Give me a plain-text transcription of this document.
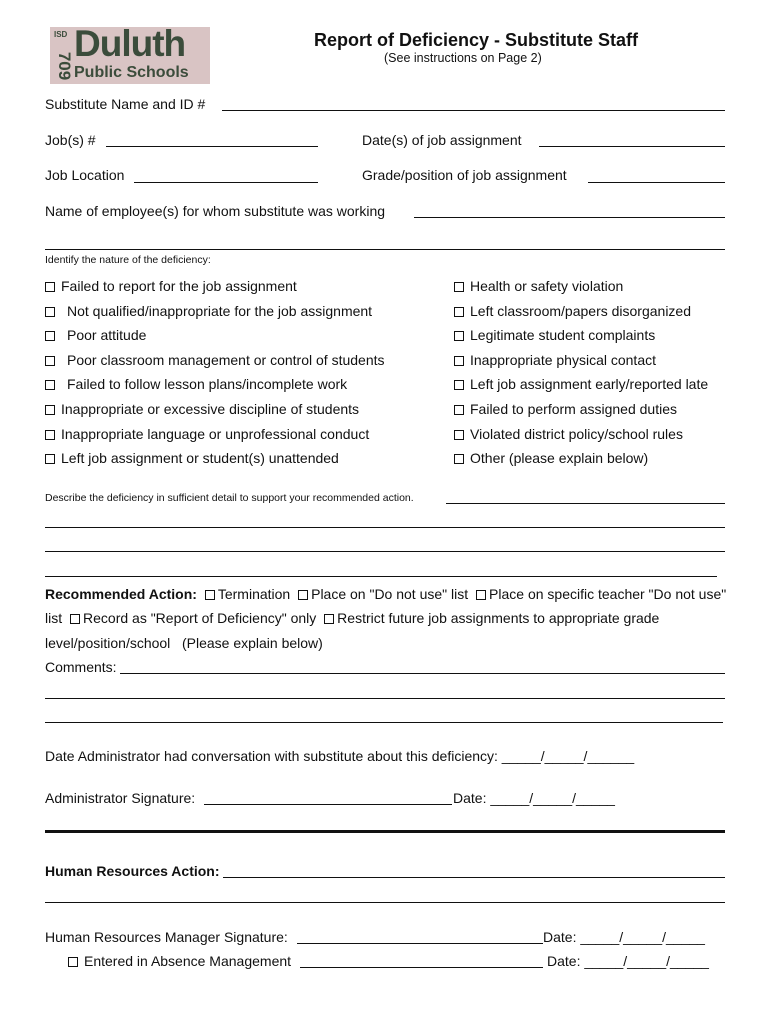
ISD
709
Duluth
Public Schools
Report of Deficiency - Substitute Staff
(See instructions on Page 2)
Substitute Name and ID #
Job(s) #	Date(s) of job assignment
Job Location	Grade/position of job assignment
Name of employee(s) for whom substitute was working
Identify the nature of the deficiency:
Failed to report for the job assignment
Not qualified/inappropriate for the job assignment
Poor attitude
Poor classroom management or control of students
Failed to follow lesson plans/incomplete work
Inappropriate or excessive discipline of students
Inappropriate language or unprofessional conduct
Left job assignment or student(s) unattended
Health or safety violation
Left classroom/papers disorganized
Legitimate student complaints
Inappropriate physical contact
Left job assignment early/reported late
Failed to perform assigned duties
Violated district policy/school rules
Other (please explain below)
Describe the deficiency in sufficient detail to support your recommended action.
Recommended Action: Termination Place on "Do not use" list Place on specific teacher "Do not use"
list Record as "Report of Deficiency" only Restrict future job assignments to appropriate grade
level/position/school   (Please explain below)
Comments:
Date Administrator had conversation with substitute about this deficiency: _____/_____/______
Administrator Signature:	Date: _____/_____/_____
Human Resources Action:
Human Resources Manager Signature:	Date: _____/_____/_____
Entered in Absence Management	Date: _____/_____/_____
